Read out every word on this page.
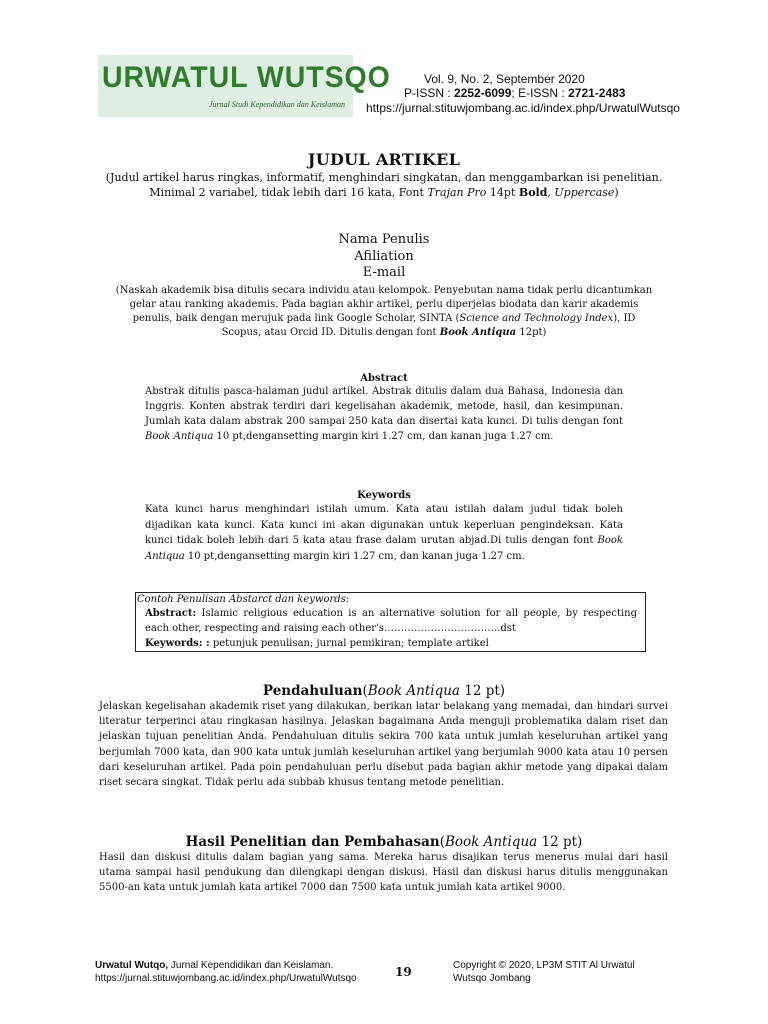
URWATUL WUTSQO
Jurnal Studi Kependidikan dan Keislaman
Vol. 9, No. 2, September 2020
P-ISSN : 2252-6099; E-ISSN : 2721-2483
https://jurnal.stituwjombang.ac.id/index.php/UrwatulWutsqo
JUDUL ARTIKEL
(Judul artikel harus ringkas, informatif, menghindari singkatan, dan menggambarkan isi penelitian.
Minimal 2 variabel, tidak lebih dari 16 kata, Font Trajan Pro 14pt Bold, Uppercase)
Nama Penulis
Afiliation
E-mail
(Naskah akademik bisa ditulis secara individu atau kelompok. Penyebutan nama tidak perlu dicantumkan gelar atau ranking akademis. Pada bagian akhir artikel, perlu diperjelas biodata dan karir akademis penulis, baik dengan merujuk pada link Google Scholar, SINTA (Science and Technology Index), ID Scopus, atau Orcid ID. Ditulis dengan font Book Antiqua 12pt)
Abstract
Abstrak ditulis pasca-halaman judul artikel. Abstrak ditulis dalam dua Bahasa, Indonesia dan Inggris. Konten abstrak terdiri dari kegelisahan akademik, metode, hasil, dan kesimpunan. Jumlah kata dalam abstrak 200 sampai 250 kata dan disertai kata kunci. Di tulis dengan font Book Antiqua 10 pt,dengansetting margin kiri 1.27 cm, dan kanan juga 1.27 cm.
Keywords
Kata kunci harus menghindari istilah umum. Kata atau istilah dalam judul tidak boleh dijadikan kata kunci. Kata kunci ini akan digunakan untuk keperluan pengindeksan. Kata kunci tidak boleh lebih dari 5 kata atau frase dalam urutan abjad.Di tulis dengan font Book Antiqua 10 pt,dengansetting margin kiri 1.27 cm, dan kanan juga 1.27 cm.
Contoh Penulisan Abstarct dan keywords:
Abstract: Islamic religious education is an alternative solution for all people, by respecting each other, respecting and raising each other's……………………………..dst
Keywords: : petunjuk penulisan; jurnal pemikiran; template artikel
Pendahuluan(Book Antiqua 12 pt)
Jelaskan kegelisahan akademik riset yang dilakukan, berikan latar belakang yang memadai, dan hindari survei literatur terperinci atau ringkasan hasilnya. Jelaskan bagaimana Anda menguji problematika dalam riset dan jelaskan tujuan penelitian Anda. Pendahuluan ditulis sekira 700 kata untuk jumlah keseluruhan artikel yang berjumlah 7000 kata, dan 900 kata untuk jumlah keseluruhan artikel yang berjumlah 9000 kata atau 10 persen dari keseluruhan artikel. Pada poin pendahuluan perlu disebut pada bagian akhir metode yang dipakai dalam riset secara singkat. Tidak perlu ada subbab khusus tentang metode penelitian.
Hasil Penelitian dan Pembahasan(Book Antiqua 12 pt)
Hasil dan diskusi ditulis dalam bagian yang sama. Mereka harus disajikan terus menerus mulai dari hasil utama sampai hasil pendukung dan dilengkapi dengan diskusi. Hasil dan diskusi harus ditulis menggunakan 5500-an kata untuk jumlah kata artikel 7000 dan 7500 kata untuk jumlah kata artikel 9000.
Urwatul Wutqo, Jurnal Kependidikan dan Keislaman.
https://jurnal.stituwjombang.ac.id/index.php/UrwatulWutsqo	19	Copyright © 2020, LP3M STIT Al Urwatul
Wutsqo Jombang
